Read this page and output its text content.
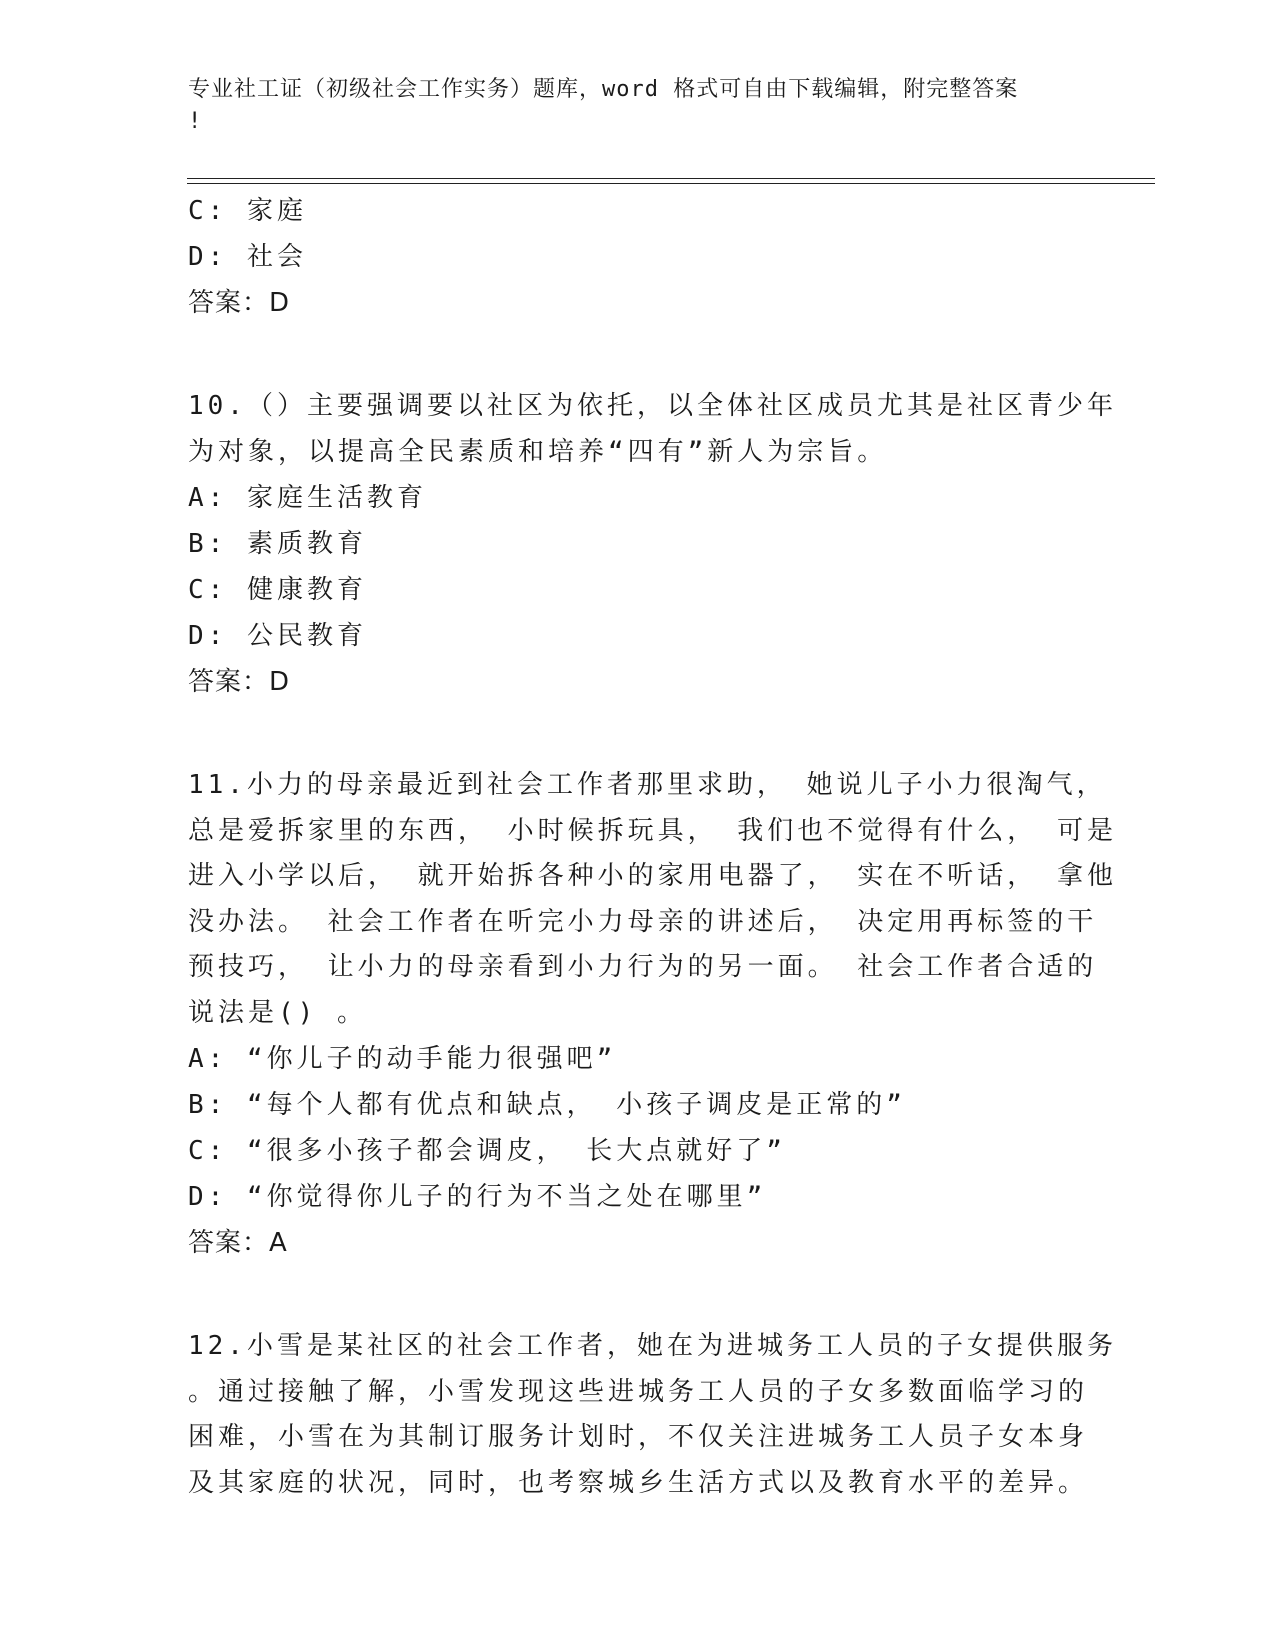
专业社工证（初级社会工作实务）题库，word 格式可自由下载编辑，附完整答案
!
C: 家庭
D: 社会
答案：D
10.（）主要强调要以社区为依托，以全体社区成员尤其是社区青少年
为对象，以提高全民素质和培养“四有”新人为宗旨。
A: 家庭生活教育
B: 素质教育
C: 健康教育
D: 公民教育
答案：D
11.小力的母亲最近到社会工作者那里求助， 她说儿子小力很淘气，
总是爱拆家里的东西， 小时候拆玩具， 我们也不觉得有什么， 可是
进入小学以后， 就开始拆各种小的家用电器了， 实在不听话， 拿他
没办法。 社会工作者在听完小力母亲的讲述后， 决定用再标签的干
预技巧， 让小力的母亲看到小力行为的另一面。 社会工作者合适的
说法是() 。
A: “你儿子的动手能力很强吧”
B: “每个人都有优点和缺点， 小孩子调皮是正常的”
C: “很多小孩子都会调皮， 长大点就好了”
D: “你觉得你儿子的行为不当之处在哪里”
答案：A
12.小雪是某社区的社会工作者，她在为进城务工人员的子女提供服务
。通过接触了解，小雪发现这些进城务工人员的子女多数面临学习的
困难，小雪在为其制订服务计划时，不仅关注进城务工人员子女本身
及其家庭的状况，同时，也考察城乡生活方式以及教育水平的差异。
